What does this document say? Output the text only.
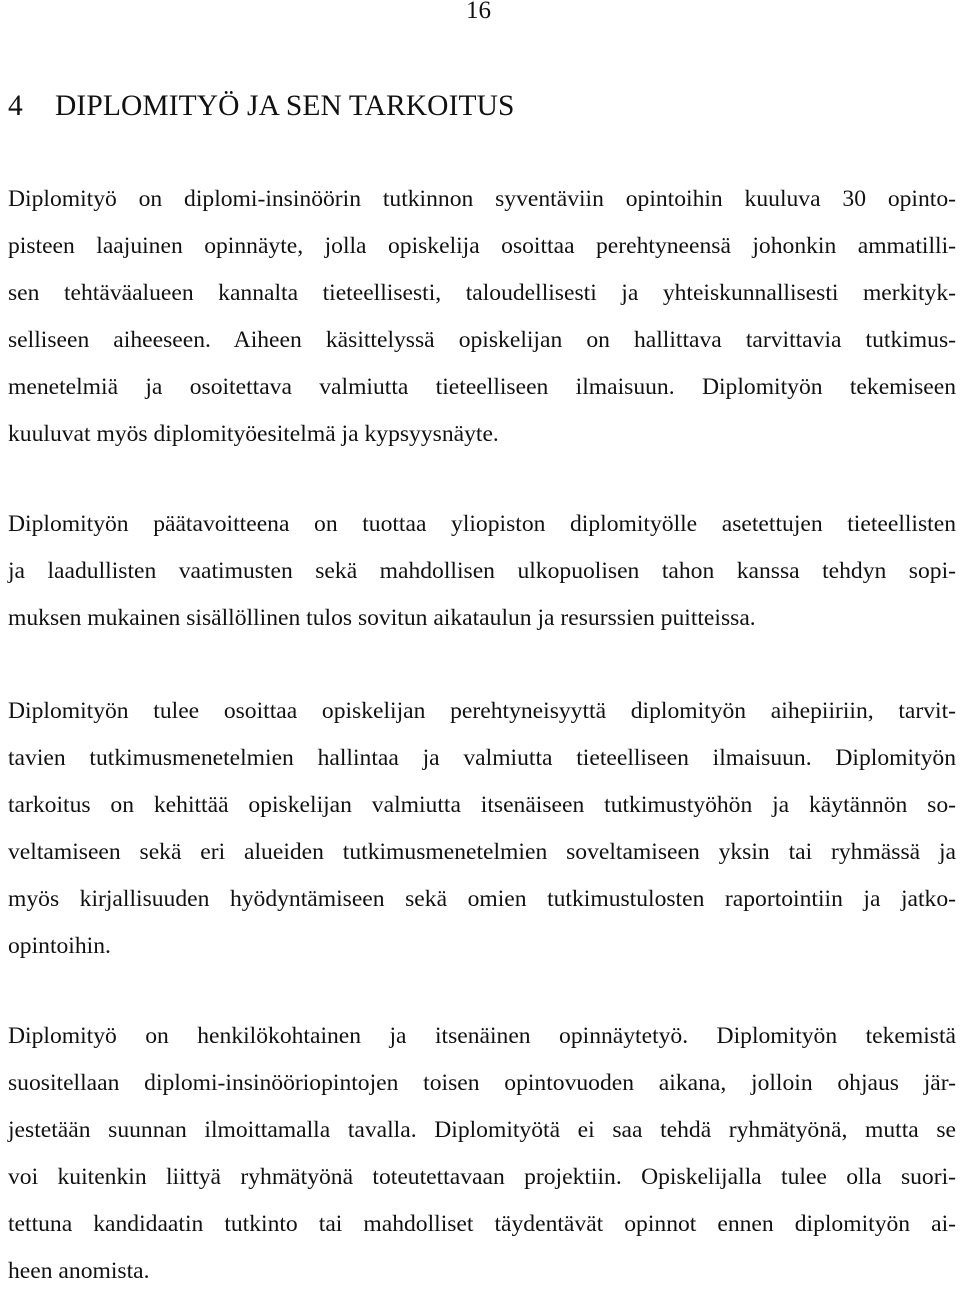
16
4 DIPLOMITYÖ JA SEN TARKOITUS

Diplomityö on diplomi-insinöörin tutkinnon syventäviin opintoihin kuuluva 30 opinto-
pisteen laajuinen opinnäyte, jolla opiskelija osoittaa perehtyneensä johonkin ammatilli-
sen tehtäväalueen kannalta tieteellisesti, taloudellisesti ja yhteiskunnallisesti merkityk-
selliseen aiheeseen. Aiheen käsittelyssä opiskelijan on hallittava tarvittavia tutkimus-
menetelmiä ja osoitettava valmiutta tieteelliseen ilmaisuun. Diplomityön tekemiseen
kuuluvat myös diplomityöesitelmä ja kypsyysnäyte.

Diplomityön päätavoitteena on tuottaa yliopiston diplomityölle asetettujen tieteellisten
ja laadullisten vaatimusten sekä mahdollisen ulkopuolisen tahon kanssa tehdyn sopi-
muksen mukainen sisällöllinen tulos sovitun aikataulun ja resurssien puitteissa.

Diplomityön tulee osoittaa opiskelijan perehtyneisyyttä diplomityön aihepiiriin, tarvit-
tavien tutkimusmenetelmien hallintaa ja valmiutta tieteelliseen ilmaisuun. Diplomityön
tarkoitus on kehittää opiskelijan valmiutta itsenäiseen tutkimustyöhön ja käytännön so-
veltamiseen sekä eri alueiden tutkimusmenetelmien soveltamiseen yksin tai ryhmässä ja
myös kirjallisuuden hyödyntämiseen sekä omien tutkimustulosten raportointiin ja jatko-
opintoihin.

Diplomityö on henkilökohtainen ja itsenäinen opinnäytetyö. Diplomityön tekemistä
suositellaan diplomi-insinööriopintojen toisen opintovuoden aikana, jolloin ohjaus jär-
jestetään suunnan ilmoittamalla tavalla. Diplomityötä ei saa tehdä ryhmätyönä, mutta se
voi kuitenkin liittyä ryhmätyönä toteutettavaan projektiin. Opiskelijalla tulee olla suori-
tettuna kandidaatin tutkinto tai mahdolliset täydentävät opinnot ennen diplomityön ai-
heen anomista.
